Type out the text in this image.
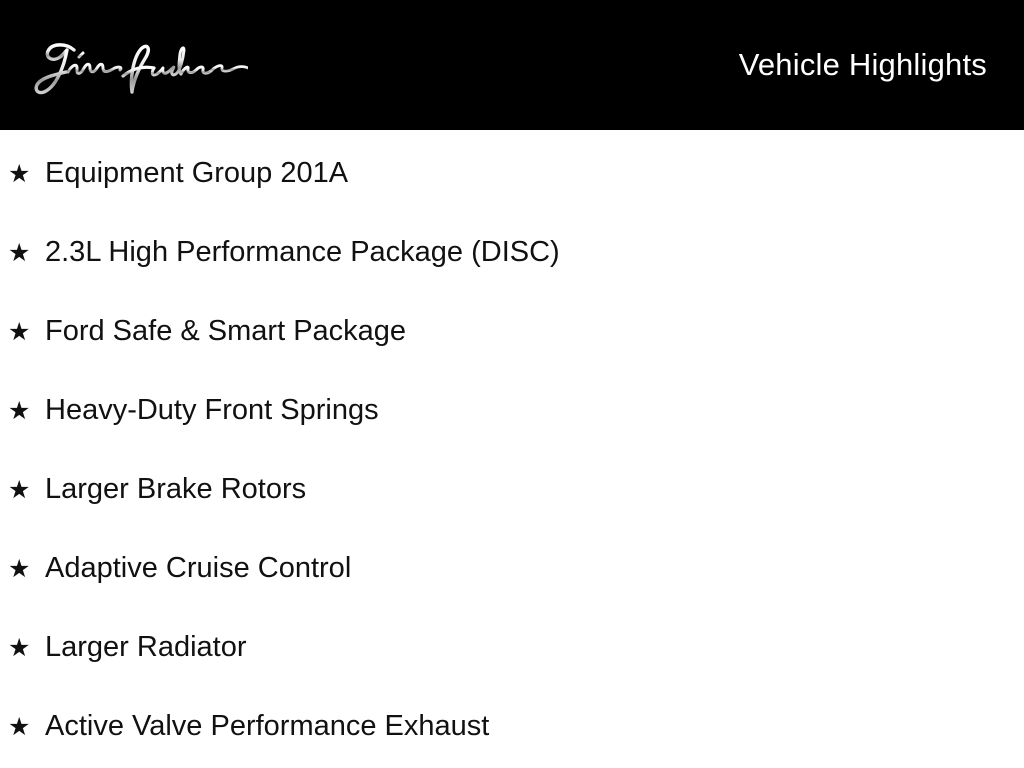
Vehicle Highlights
★ Equipment Group 201A
★ 2.3L High Performance Package (DISC)
★ Ford Safe & Smart Package
★ Heavy-Duty Front Springs
★ Larger Brake Rotors
★ Adaptive Cruise Control
★ Larger Radiator
★ Active Valve Performance Exhaust
